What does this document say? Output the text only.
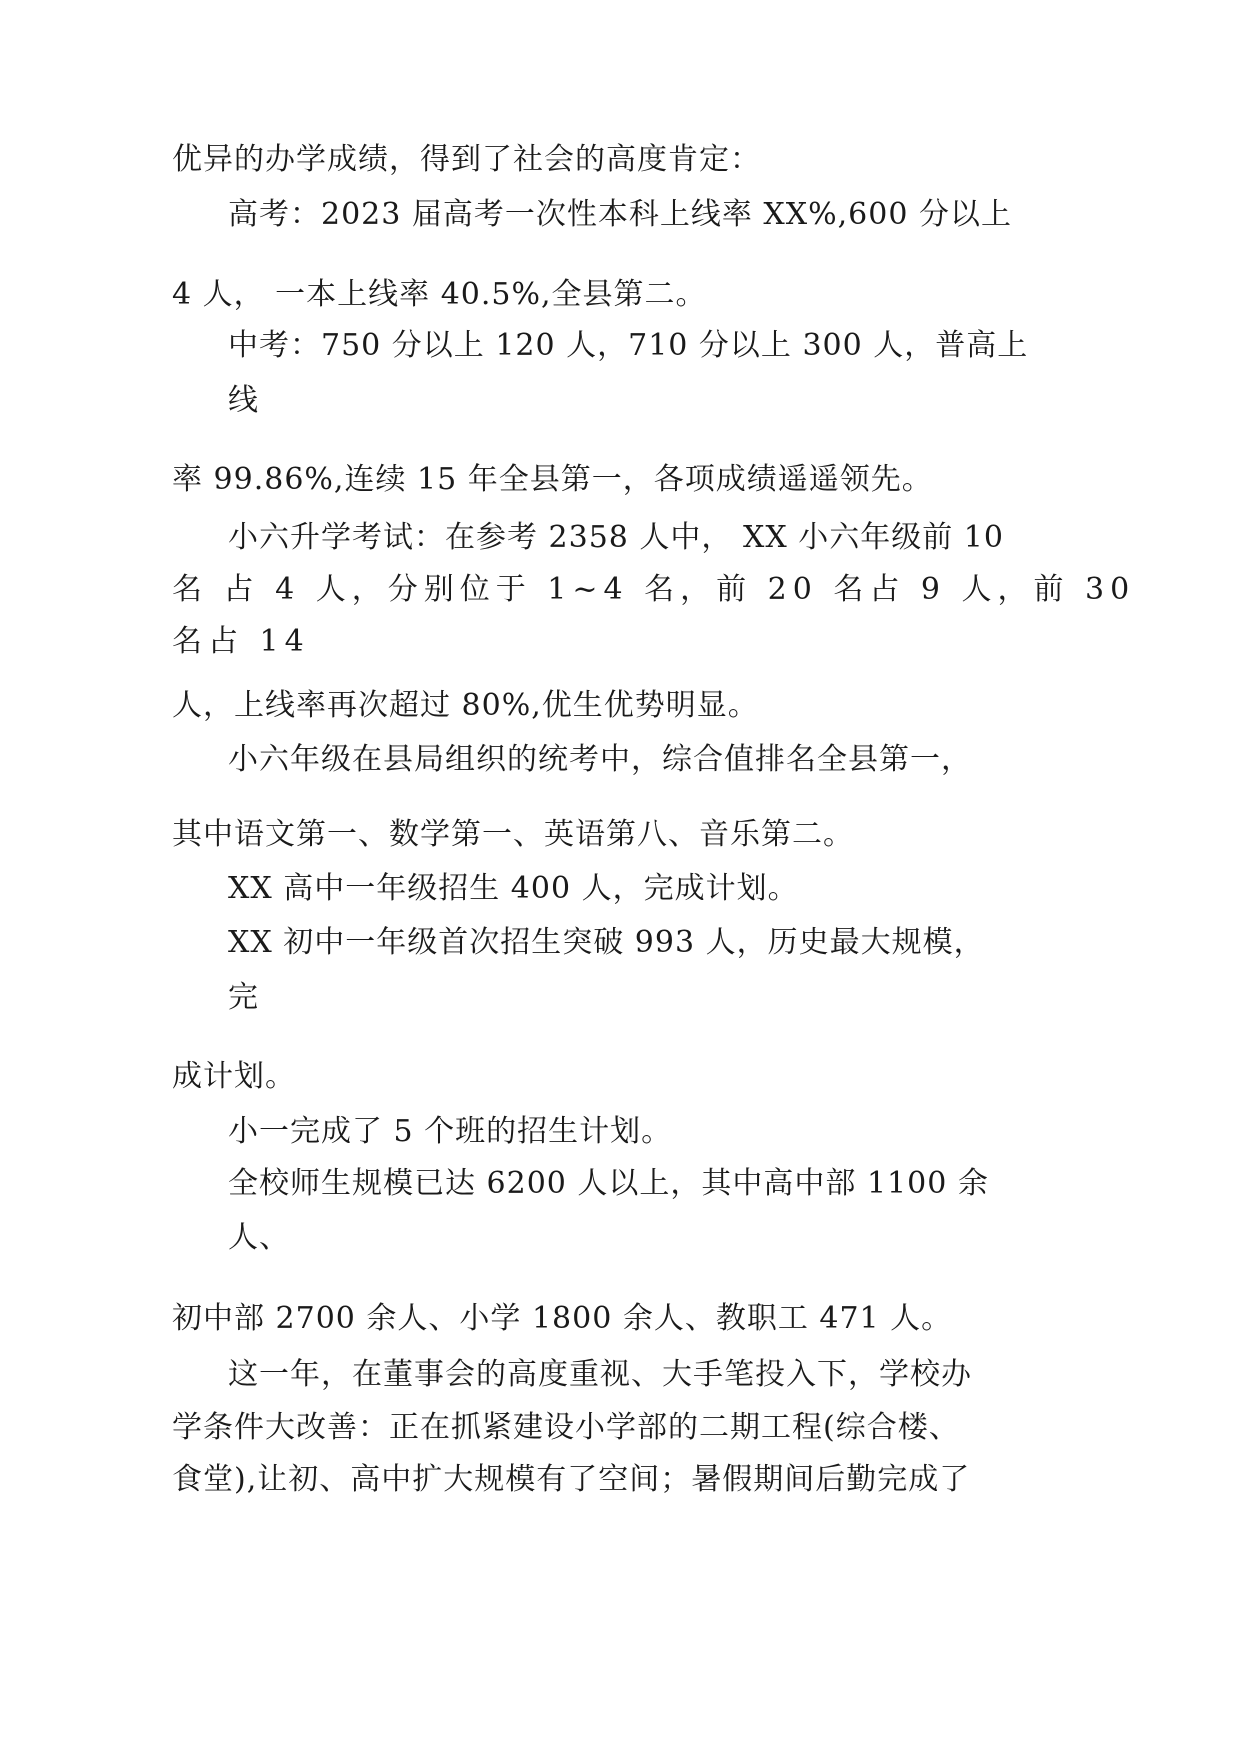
优异的办学成绩，得到了社会的高度肯定：
高考：2023 届高考一次性本科上线率 XX%,600 分以上
4 人， 一本上线率 40.5%,全县第二。
中考：750 分以上 120 人，710 分以上 300 人，普高上
线
率 99.86%,连续 15 年全县第一，各项成绩遥遥领先。
小六升学考试：在参考 2358 人中， XX 小六年级前 10
名 占 4 人，分别位于 1~4 名，前 20 名占 9 人，前 30
名占 14
人，上线率再次超过 80%,优生优势明显。
小六年级在县局组织的统考中，综合值排名全县第一，
其中语文第一、数学第一、英语第八、音乐第二。
XX 高中一年级招生 400 人，完成计划。
XX 初中一年级首次招生突破 993 人，历史最大规模，
完
成计划。
小一完成了 5 个班的招生计划。
全校师生规模已达 6200 人以上，其中高中部 1100 余
人、
初中部 2700 余人、小学 1800 余人、教职工 471 人。
这一年，在董事会的高度重视、大手笔投入下，学校办
学条件大改善：正在抓紧建设小学部的二期工程(综合楼、
食堂),让初、高中扩大规模有了空间；暑假期间后勤完成了
